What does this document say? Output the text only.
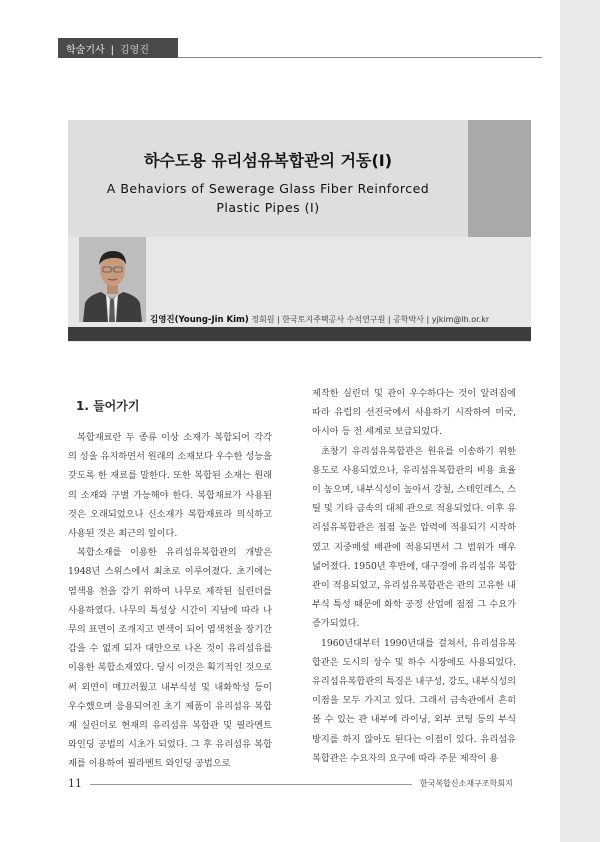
학술기사 | 김영진
하수도용 유리섬유복합관의 거동(Ⅰ)
A Behaviors of Sewerage Glass Fiber Reinforced
Plastic Pipes (Ⅰ)
김영진(Young-Jin Kim) 정회원 | 한국토지주택공사 수석연구원 | 공학박사 | yjkim@lh.or.kr
1. 들어가기

복합재료란 두 종류 이상 소재가 복합되어 각각의 성을 유지하면서 원래의 소재보다 우수한 성능을 갖도록 한 재료를 말한다. 또한 복합된 소재는 원래의 소재와 구별 가능해야 한다. 복합재료가 사용된 것은 오래되었으나 신소재가 복합재료라 의식하고 사용된 것은 최근의 일이다.

복합소재를 이용한 유리섬유복합관의 개발은 1948년 스위스에서 최초로 이루어졌다. 초기에는 염색용 천을 감기 위하여 나무로 제작된 실린더를 사용하였다. 나무의 특성상 시간이 지남에 따라 나무의 표면이 조개지고 변색이 되어 염색천을 장기간 감을 수 없게 되자 대안으로 나온 것이 유리섬유를 이용한 복합소재였다. 당시 이것은 획기적인 것으로써 외면이 매끄러웠고 내부식성 및 내화학성 등이 우수했으며 응용되어진 초기 제품이 유리섬유 복합재 실린더로 현재의 유리섬유 복합관 및 필라멘트 와인딩 공법의 시초가 되었다. 그 후 유리섬유 복합재를 이용하여 필라멘트 와인딩 공법으로

제작한 실린더 및 관이 우수하다는 것이 알려짐에 따라 유럽의 선진국에서 사용하기 시작하여 미국, 아시아 등 전 세계로 보급되었다.

초창기 유리섬유복합관은 원유를 이송하기 위한 용도로 사용되었으나, 유리섬유복합관의 비용 효율이 높으며, 내부식성이 높아서 강철, 스테인레스, 스틸 및 기타 금속의 대체 관으로 적용되었다. 이후 유리섬유복합관은 점점 높은 압력에 적용되기 시작하였고 지중매설 배관에 적용되면서 그 범위가 매우 넓어졌다. 1950년 후반에, 대구경에 유리섬유 복합관이 적용되었고, 유리섬유복합관은 관의 고유한 내부식 특성 때문에 화학 공정 산업에 점점 그 수요가 증가되었다.

1960년대부터 1990년대를 걸쳐서, 유리섬유복합관은 도시의 상수 및 하수 시장에도 사용되었다. 유리섬유복합관의 특징은 내구성, 강도, 내부식성의 이점을 모두 가지고 있다. 그래서 금속관에서 흔히 볼 수 있는 관 내부에 라이닝, 외부 코팅 등의 부식방지를 하지 않아도 된다는 이점이 있다. 유리섬유복합관은 수요자의 요구에 따라 주문 제작이 용

11	한국복합신소재구조학회지
